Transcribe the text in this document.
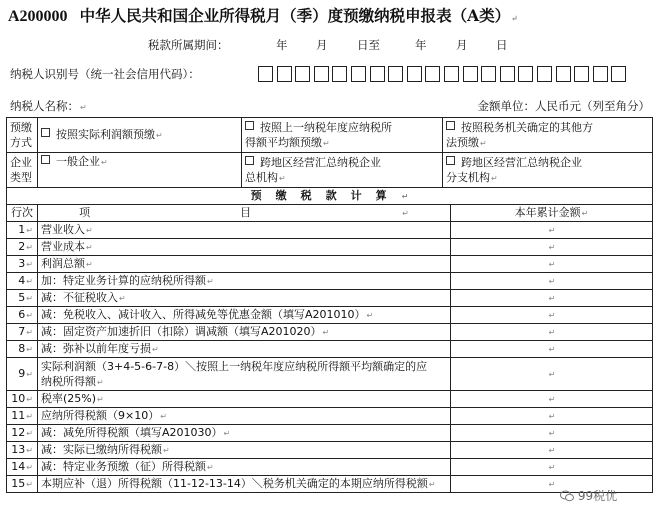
A200000 中华人民共和国企业所得税月（季）度预缴纳税申报表（A类）↵
税款所属期间：	年 月	日至	年	月 日
纳税人识别号（统一社会信用代码）：
纳税人名称：↵	金额单位：人民币元（列至角分）
预缴
方式	按照实际利润额预缴↵	按照上一纳税年度应纳税所
得额平均额预缴↵	按照税务机关确定的其他方
法预缴↵	
企业
类型	一般企业↵	跨地区经营汇总纳税企业
总机构↵	跨地区经营汇总纳税企业
分支机构↵	
预缴税款计算↵				
行次	项目↵			本年累计金额↵
1↵	营业收入↵			↵
2↵	营业成本↵			↵
3↵	利润总额↵			↵
4↵	加：特定业务计算的应纳税所得额↵			↵
5↵	减：不征税收入↵			↵
6↵	减：免税收入、减计收入、所得减免等优惠金额（填写A201010）↵			↵
7↵	减：固定资产加速折旧（扣除）调减额（填写A201020）↵			↵
8↵	减：弥补以前年度亏损↵			↵
9↵	实际利润额（3+4-5-6-7-8）＼按照上一纳税年度应纳税所得额平均额确定的应
纳税所得额↵			↵
10↵	税率(25%)↵			↵
11↵	应纳所得税额（9×10）↵			↵
12↵	减：减免所得税额（填写A201030）↵			↵
13↵	减：实际已缴纳所得税额↵			↵
14↵	减：特定业务预缴（征）所得税额↵			↵
15↵	本期应补（退）所得税额（11-12-13-14）＼税务机关确定的本期应纳所得税额↵			↵
99税优
